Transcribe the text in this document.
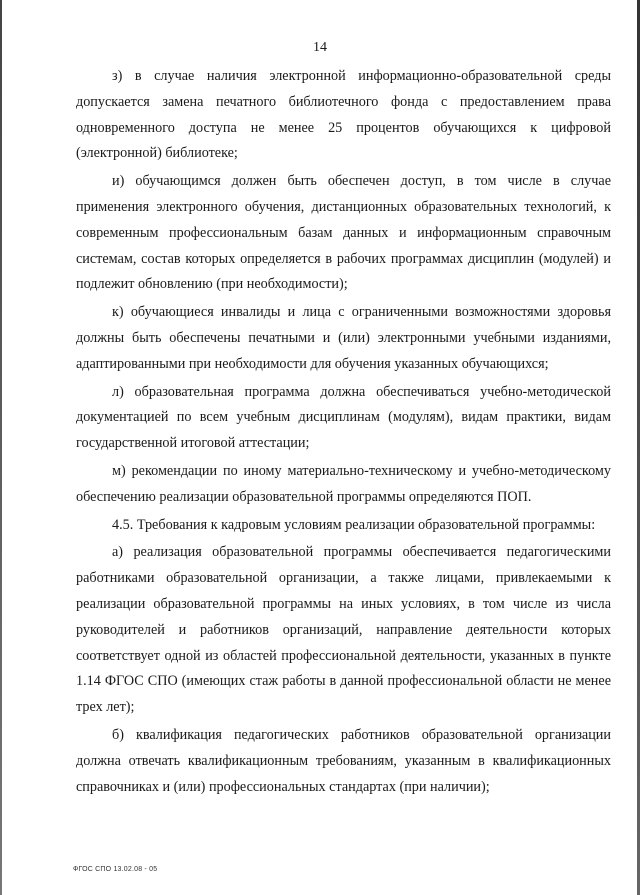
14

з) в случае наличия электронной информационно-образовательной среды допускается замена печатного библиотечного фонда с предоставлением права одновременного доступа не менее 25 процентов обучающихся к цифровой (электронной) библиотеке;

и) обучающимся должен быть обеспечен доступ, в том числе в случае применения электронного обучения, дистанционных образовательных технологий, к современным профессиональным базам данных и информационным справочным системам, состав которых определяется в рабочих программах дисциплин (модулей) и подлежит обновлению (при необходимости);

к) обучающиеся инвалиды и лица с ограниченными возможностями здоровья должны быть обеспечены печатными и (или) электронными учебными изданиями, адаптированными при необходимости для обучения указанных обучающихся;

л) образовательная программа должна обеспечиваться учебно-методической документацией по всем учебным дисциплинам (модулям), видам практики, видам государственной итоговой аттестации;

м) рекомендации по иному материально-техническому и учебно-методическому обеспечению реализации образовательной программы определяются ПОП.

4.5. Требования к кадровым условиям реализации образовательной программы:

а) реализация образовательной программы обеспечивается педагогическими работниками образовательной организации, а также лицами, привлекаемыми к реализации образовательной программы на иных условиях, в том числе из числа руководителей и работников организаций, направление деятельности которых соответствует одной из областей профессиональной деятельности, указанных в пункте 1.14 ФГОС СПО (имеющих стаж работы в данной профессиональной области не менее трех лет);

б) квалификация педагогических работников образовательной организации должна отвечать квалификационным требованиям, указанным в квалификационных справочниках и (или) профессиональных стандартах (при наличии);

ФГОС СПО 13.02.08 - 05
